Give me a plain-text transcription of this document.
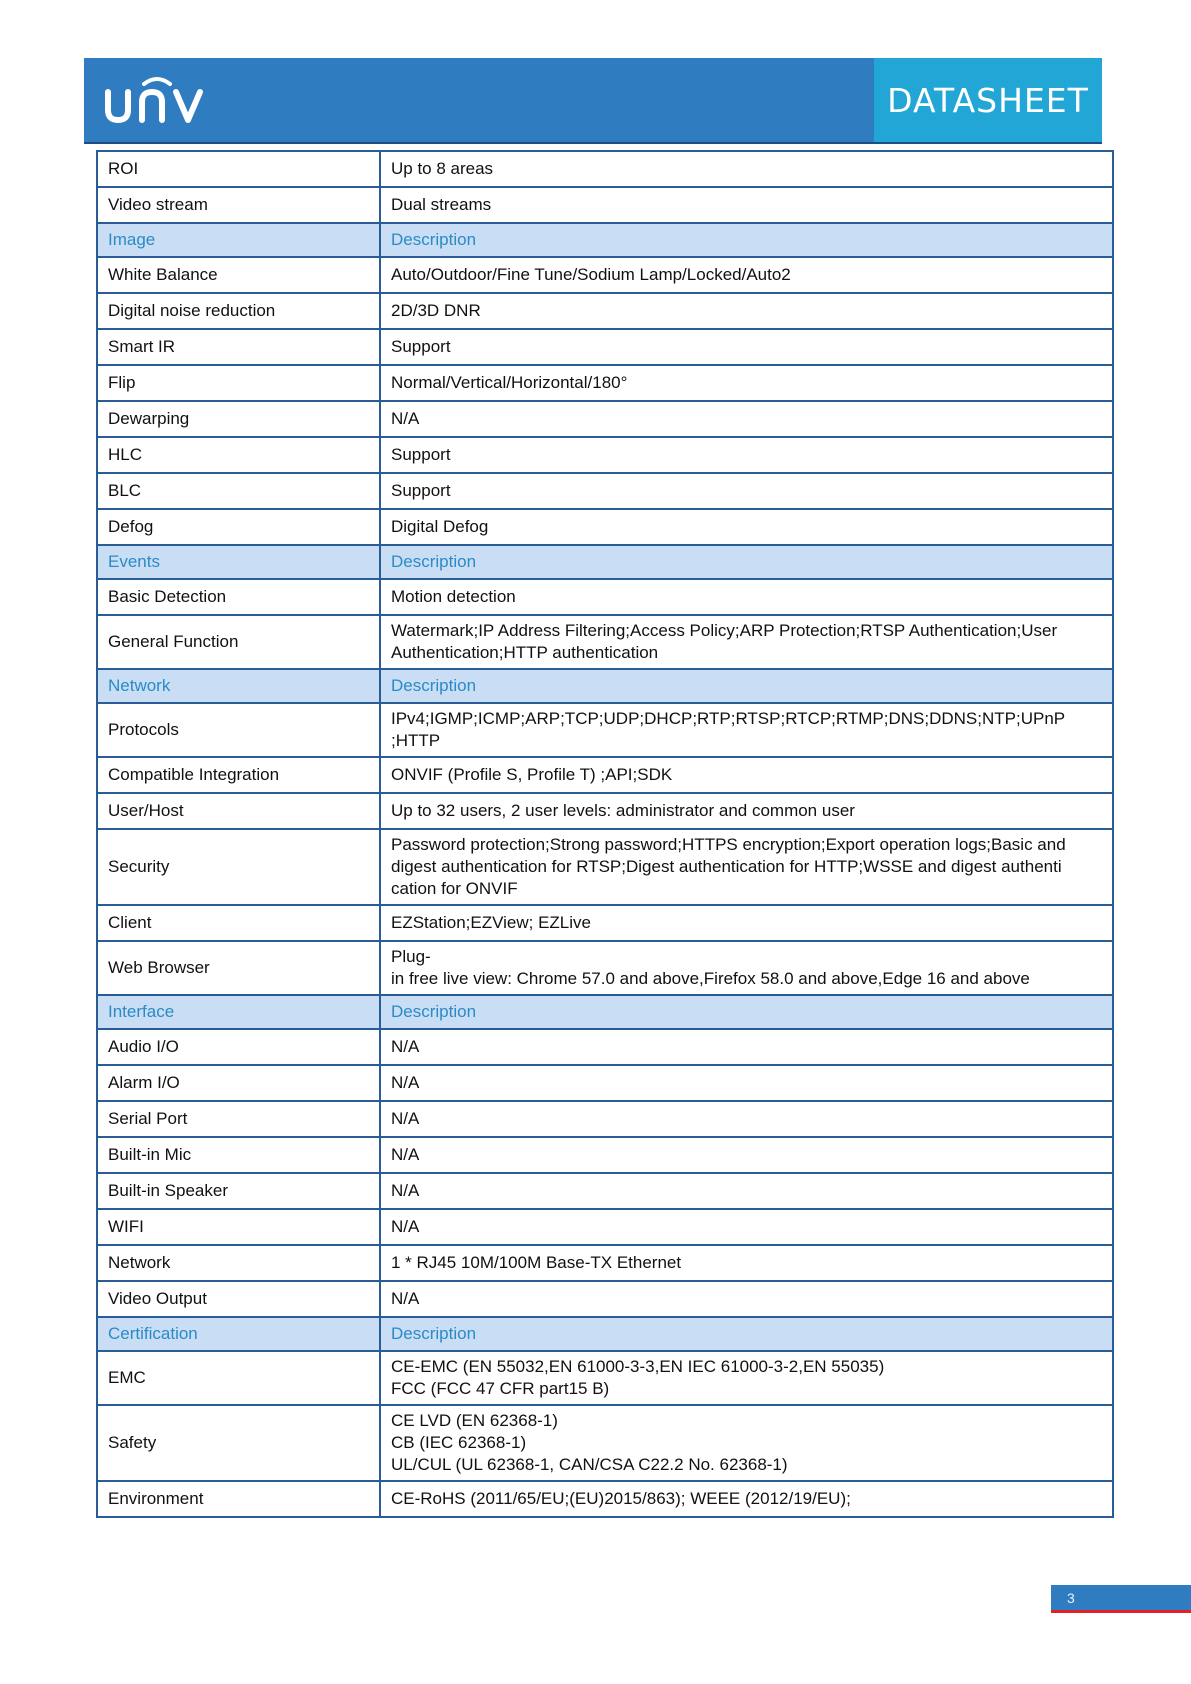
DATASHEET
ROI	Up to 8 areas
Video stream	Dual streams
Image	Description
White Balance	Auto/Outdoor/Fine Tune/Sodium Lamp/Locked/Auto2
Digital noise reduction	2D/3D DNR
Smart IR	Support
Flip	Normal/Vertical/Horizontal/180°
Dewarping	N/A
HLC	Support
BLC	Support
Defog	Digital Defog
Events	Description
Basic Detection	Motion detection
General Function	Watermark;IP Address Filtering;Access Policy;ARP Protection;RTSP Authentication;User
Authentication;HTTP authentication
Network	Description
Protocols	IPv4;IGMP;ICMP;ARP;TCP;UDP;DHCP;RTP;RTSP;RTCP;RTMP;DNS;DDNS;NTP;UPnP
;HTTP
Compatible Integration	ONVIF (Profile S, Profile T) ;API;SDK
User/Host	Up to 32 users, 2 user levels: administrator and common user
Security	Password protection;Strong password;HTTPS encryption;Export operation logs;Basic and
digest authentication for RTSP;Digest authentication for HTTP;WSSE and digest authenti
cation for ONVIF
Client	EZStation;EZView; EZLive
Web Browser	Plug-
in free live view: Chrome 57.0 and above,Firefox 58.0 and above,Edge 16 and above
Interface	Description
Audio I/O	N/A
Alarm I/O	N/A
Serial Port	N/A
Built-in Mic	N/A
Built-in Speaker	N/A
WIFI	N/A
Network	1 * RJ45 10M/100M Base-TX Ethernet
Video Output	N/A
Certification	Description
EMC	CE-EMC (EN 55032,EN 61000-3-3,EN IEC 61000-3-2,EN 55035)
FCC (FCC 47 CFR part15 B)
Safety	CE LVD (EN 62368-1)
CB (IEC 62368-1)
UL/CUL (UL 62368-1, CAN/CSA C22.2 No. 62368-1)
Environment	CE-RoHS (2011/65/EU;(EU)2015/863); WEEE (2012/19/EU);
3
